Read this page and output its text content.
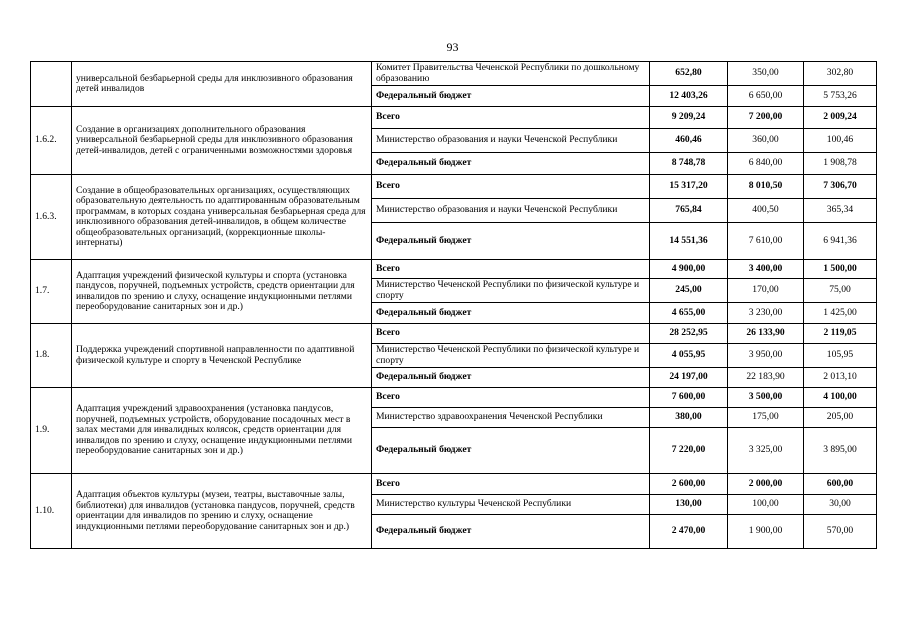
93
	универсальной безбарьерной среды для инклюзивного образования детей инвалидов	Комитет Правительства Чеченской Республики по дошкольному образованию	652,80	350,00	302,80
		Федеральный бюджет	12 403,26	6 650,00	5 753,26
1.6.2.	Создание в организациях дополнительного образования универсальной безбарьерной среды для инклюзивного образования детей-инвалидов, детей с ограниченными возможностями здоровья	Всего	9 209,24	7 200,00	2 009,24
		Министерство образования и науки Чеченской Республики	460,46	360,00	100,46
		Федеральный бюджет	8 748,78	6 840,00	1 908,78
1.6.3.	Создание в общеобразовательных организациях, осуществляющих образовательную деятельность по адаптированным образовательным программам, в которых создана универсальная безбарьерная среда для инклюзивного образования детей-инвалидов, в общем количестве общеобразовательных организаций, (коррекционные школы-интернаты)	Всего	15 317,20	8 010,50	7 306,70
		Министерство образования и науки Чеченской Республики	765,84	400,50	365,34
		Федеральный бюджет	14 551,36	7 610,00	6 941,36
1.7.	Адаптация учреждений физической культуры и спорта (установка пандусов, поручней, подъемных устройств, средств ориентации для инвалидов по зрению и слуху, оснащение индукционными петлями переоборудование санитарных зон и др.)	Всего	4 900,00	3 400,00	1 500,00
		Министерство Чеченской Республики по физической культуре и спорту	245,00	170,00	75,00
		Федеральный бюджет	4 655,00	3 230,00	1 425,00
1.8.	Поддержка учреждений спортивной направленности по адаптивной физической культуре и спорту в Чеченской Республике	Всего	28 252,95	26 133,90	2 119,05
		Министерство Чеченской Республики по физической культуре и спорту	4 055,95	3 950,00	105,95
		Федеральный бюджет	24 197,00	22 183,90	2 013,10
1.9.	Адаптация учреждений здравоохранения (установка пандусов, поручней, подъемных устройств, оборудование посадочных мест в залах местами для инвалидных колясок, средств ориентации для инвалидов по зрению и слуху, оснащение индукционными петлями переоборудование санитарных зон и др.)	Всего	7 600,00	3 500,00	4 100,00
		Министерство здравоохранения Чеченской Республики	380,00	175,00	205,00
		Федеральный бюджет	7 220,00	3 325,00	3 895,00
1.10.	Адаптация объектов культуры (музеи, театры, выставочные залы, библиотеки) для инвалидов (установка пандусов, поручней, средств ориентации для инвалидов по зрению и слуху, оснащение индукционными петлями переоборудование санитарных зон и др.)	Всего	2 600,00	2 000,00	600,00
		Министерство культуры Чеченской Республики	130,00	100,00	30,00
		Федеральный бюджет	2 470,00	1 900,00	570,00
